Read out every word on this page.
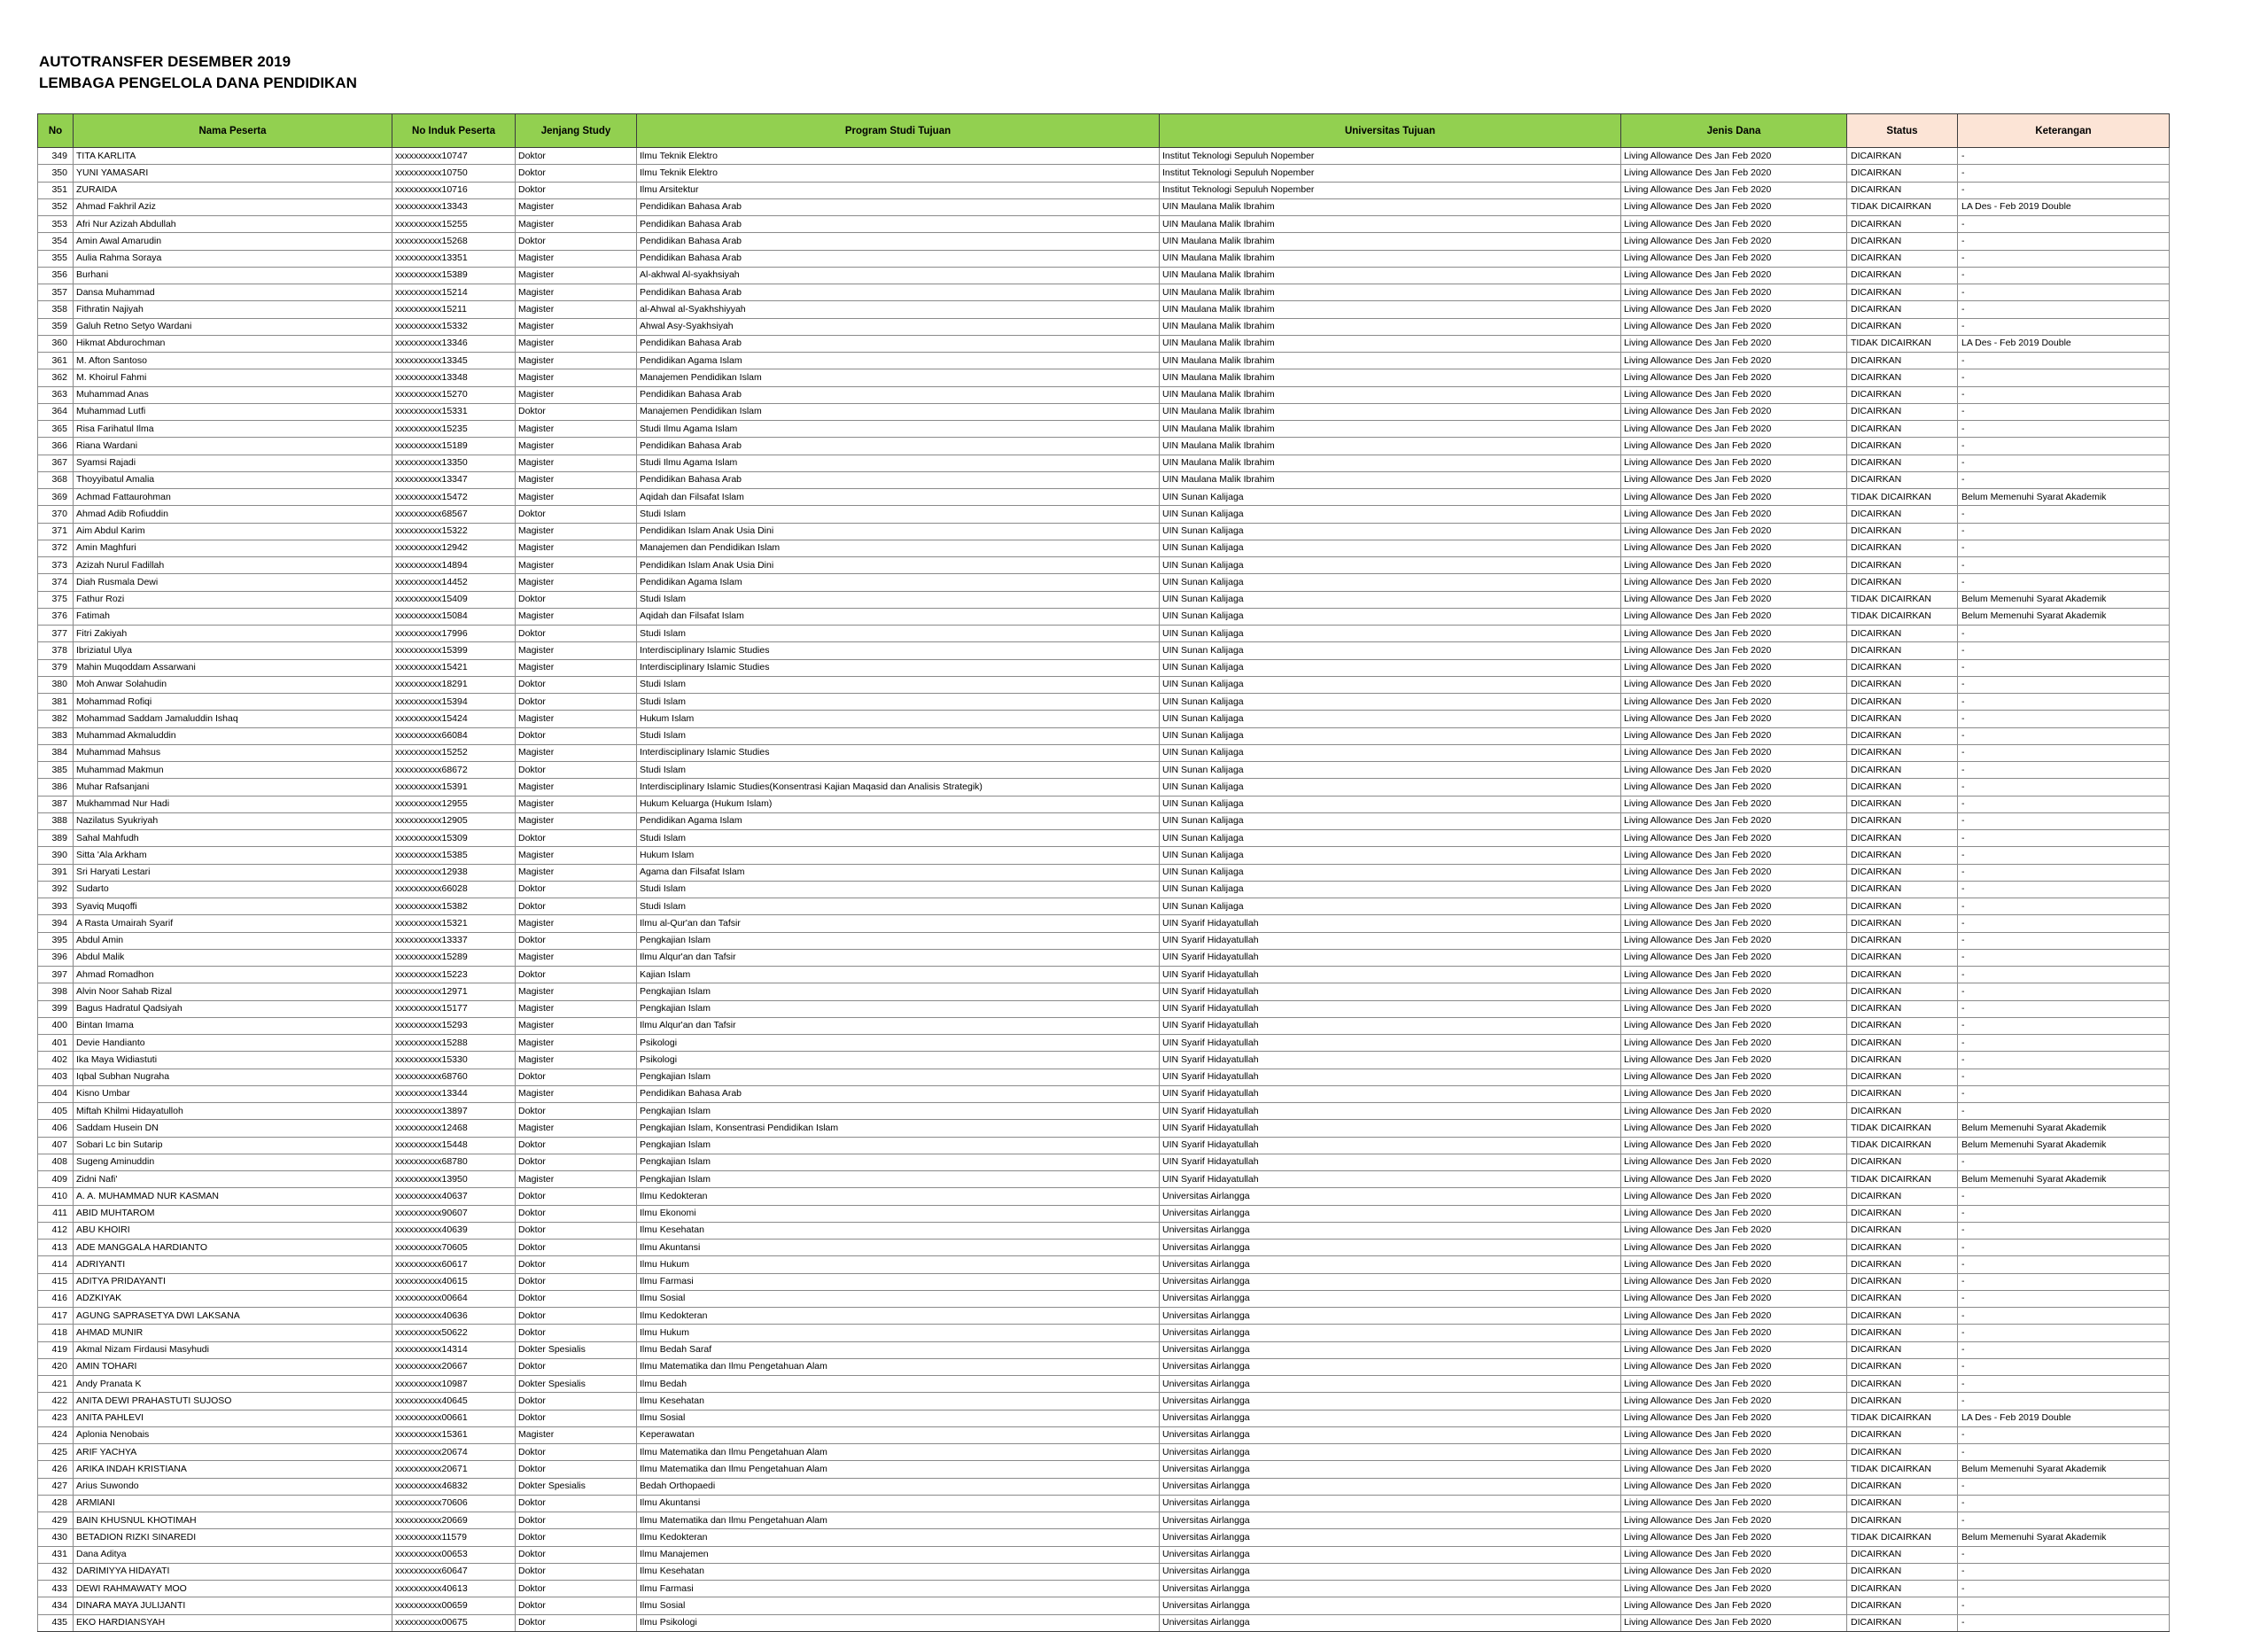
AUTOTRANSFER DESEMBER 2019
LEMBAGA PENGELOLA DANA PENDIDIKAN
No	Nama Peserta	No Induk Peserta	Jenjang Study	Program Studi Tujuan	Universitas Tujuan	Jenis Dana	Status	Keterangan
349	TITA KARLITA	xxxxxxxxxx10747	Doktor	Ilmu Teknik Elektro	Institut Teknologi Sepuluh Nopember	Living Allowance Des Jan Feb 2020	DICAIRKAN	-
350	YUNI YAMASARI	xxxxxxxxxx10750	Doktor	Ilmu Teknik Elektro	Institut Teknologi Sepuluh Nopember	Living Allowance Des Jan Feb 2020	DICAIRKAN	-
351	ZURAIDA	xxxxxxxxxx10716	Doktor	Ilmu Arsitektur	Institut Teknologi Sepuluh Nopember	Living Allowance Des Jan Feb 2020	DICAIRKAN	-
352	Ahmad Fakhril Aziz	xxxxxxxxxx13343	Magister	Pendidikan Bahasa Arab	UIN Maulana Malik Ibrahim	Living Allowance Des Jan Feb 2020	TIDAK DICAIRKAN	LA Des - Feb 2019 Double
353	Afri Nur Azizah Abdullah	xxxxxxxxxx15255	Magister	Pendidikan Bahasa Arab	UIN Maulana Malik Ibrahim	Living Allowance Des Jan Feb 2020	DICAIRKAN	-
354	Amin Awal Amarudin	xxxxxxxxxx15268	Doktor	Pendidikan Bahasa Arab	UIN Maulana Malik Ibrahim	Living Allowance Des Jan Feb 2020	DICAIRKAN	-
355	Aulia Rahma Soraya	xxxxxxxxxx13351	Magister	Pendidikan Bahasa Arab	UIN Maulana Malik Ibrahim	Living Allowance Des Jan Feb 2020	DICAIRKAN	-
356	Burhani	xxxxxxxxxx15389	Magister	Al-akhwal Al-syakhsiyah	UIN Maulana Malik Ibrahim	Living Allowance Des Jan Feb 2020	DICAIRKAN	-
357	Dansa Muhammad	xxxxxxxxxx15214	Magister	Pendidikan Bahasa Arab	UIN Maulana Malik Ibrahim	Living Allowance Des Jan Feb 2020	DICAIRKAN	-
358	Fithratin Najiyah	xxxxxxxxxx15211	Magister	al-Ahwal al-Syakhshiyyah	UIN Maulana Malik Ibrahim	Living Allowance Des Jan Feb 2020	DICAIRKAN	-
359	Galuh Retno Setyo Wardani	xxxxxxxxxx15332	Magister	Ahwal Asy-Syakhsiyah	UIN Maulana Malik Ibrahim	Living Allowance Des Jan Feb 2020	DICAIRKAN	-
360	Hikmat Abdurochman	xxxxxxxxxx13346	Magister	Pendidikan Bahasa Arab	UIN Maulana Malik Ibrahim	Living Allowance Des Jan Feb 2020	TIDAK DICAIRKAN	LA Des - Feb 2019 Double
361	M. Afton Santoso	xxxxxxxxxx13345	Magister	Pendidikan Agama Islam	UIN Maulana Malik Ibrahim	Living Allowance Des Jan Feb 2020	DICAIRKAN	-
362	M. Khoirul Fahmi	xxxxxxxxxx13348	Magister	Manajemen Pendidikan Islam	UIN Maulana Malik Ibrahim	Living Allowance Des Jan Feb 2020	DICAIRKAN	-
363	Muhammad Anas	xxxxxxxxxx15270	Magister	Pendidikan Bahasa Arab	UIN Maulana Malik Ibrahim	Living Allowance Des Jan Feb 2020	DICAIRKAN	-
364	Muhammad Lutfi	xxxxxxxxxx15331	Doktor	Manajemen Pendidikan Islam	UIN Maulana Malik Ibrahim	Living Allowance Des Jan Feb 2020	DICAIRKAN	-
365	Risa Farihatul Ilma	xxxxxxxxxx15235	Magister	Studi Ilmu Agama Islam	UIN Maulana Malik Ibrahim	Living Allowance Des Jan Feb 2020	DICAIRKAN	-
366	Riana Wardani	xxxxxxxxxx15189	Magister	Pendidikan Bahasa Arab	UIN Maulana Malik Ibrahim	Living Allowance Des Jan Feb 2020	DICAIRKAN	-
367	Syamsi Rajadi	xxxxxxxxxx13350	Magister	Studi Ilmu Agama Islam	UIN Maulana Malik Ibrahim	Living Allowance Des Jan Feb 2020	DICAIRKAN	-
368	Thoyyibatul Amalia	xxxxxxxxxx13347	Magister	Pendidikan Bahasa Arab	UIN Maulana Malik Ibrahim	Living Allowance Des Jan Feb 2020	DICAIRKAN	-
369	Achmad Fattaurohman	xxxxxxxxxx15472	Magister	Aqidah dan Filsafat Islam	UIN Sunan Kalijaga	Living Allowance Des Jan Feb 2020	TIDAK DICAIRKAN	Belum Memenuhi Syarat Akademik
370	Ahmad Adib Rofiuddin	xxxxxxxxxx68567	Doktor	Studi Islam	UIN Sunan Kalijaga	Living Allowance Des Jan Feb 2020	DICAIRKAN	-
371	Aim Abdul Karim	xxxxxxxxxx15322	Magister	Pendidikan Islam Anak Usia Dini	UIN Sunan Kalijaga	Living Allowance Des Jan Feb 2020	DICAIRKAN	-
372	Amin Maghfuri	xxxxxxxxxx12942	Magister	Manajemen dan Pendidikan Islam	UIN Sunan Kalijaga	Living Allowance Des Jan Feb 2020	DICAIRKAN	-
373	Azizah Nurul Fadillah	xxxxxxxxxx14894	Magister	Pendidikan Islam Anak Usia Dini	UIN Sunan Kalijaga	Living Allowance Des Jan Feb 2020	DICAIRKAN	-
374	Diah Rusmala Dewi	xxxxxxxxxx14452	Magister	Pendidikan Agama Islam	UIN Sunan Kalijaga	Living Allowance Des Jan Feb 2020	DICAIRKAN	-
375	Fathur Rozi	xxxxxxxxxx15409	Doktor	Studi Islam	UIN Sunan Kalijaga	Living Allowance Des Jan Feb 2020	TIDAK DICAIRKAN	Belum Memenuhi Syarat Akademik
376	Fatimah	xxxxxxxxxx15084	Magister	Aqidah dan Filsafat Islam	UIN Sunan Kalijaga	Living Allowance Des Jan Feb 2020	TIDAK DICAIRKAN	Belum Memenuhi Syarat Akademik
377	Fitri Zakiyah	xxxxxxxxxx17996	Doktor	Studi Islam	UIN Sunan Kalijaga	Living Allowance Des Jan Feb 2020	DICAIRKAN	-
378	Ibriziatul Ulya	xxxxxxxxxx15399	Magister	Interdisciplinary Islamic Studies	UIN Sunan Kalijaga	Living Allowance Des Jan Feb 2020	DICAIRKAN	-
379	Mahin Muqoddam Assarwani	xxxxxxxxxx15421	Magister	Interdisciplinary Islamic Studies	UIN Sunan Kalijaga	Living Allowance Des Jan Feb 2020	DICAIRKAN	-
380	Moh Anwar Solahudin	xxxxxxxxxx18291	Doktor	Studi Islam	UIN Sunan Kalijaga	Living Allowance Des Jan Feb 2020	DICAIRKAN	-
381	Mohammad Rofiqi	xxxxxxxxxx15394	Doktor	Studi Islam	UIN Sunan Kalijaga	Living Allowance Des Jan Feb 2020	DICAIRKAN	-
382	Mohammad Saddam Jamaluddin Ishaq	xxxxxxxxxx15424	Magister	Hukum Islam	UIN Sunan Kalijaga	Living Allowance Des Jan Feb 2020	DICAIRKAN	-
383	Muhammad Akmaluddin	xxxxxxxxxx66084	Doktor	Studi Islam	UIN Sunan Kalijaga	Living Allowance Des Jan Feb 2020	DICAIRKAN	-
384	Muhammad Mahsus	xxxxxxxxxx15252	Magister	Interdisciplinary Islamic Studies	UIN Sunan Kalijaga	Living Allowance Des Jan Feb 2020	DICAIRKAN	-
385	Muhammad Makmun	xxxxxxxxxx68672	Doktor	Studi Islam	UIN Sunan Kalijaga	Living Allowance Des Jan Feb 2020	DICAIRKAN	-
386	Muhar Rafsanjani	xxxxxxxxxx15391	Magister	Interdisciplinary Islamic Studies(Konsentrasi Kajian Maqasid dan Analisis Strategik)	UIN Sunan Kalijaga	Living Allowance Des Jan Feb 2020	DICAIRKAN	-
387	Mukhammad Nur Hadi	xxxxxxxxxx12955	Magister	Hukum Keluarga (Hukum Islam)	UIN Sunan Kalijaga	Living Allowance Des Jan Feb 2020	DICAIRKAN	-
388	Nazilatus Syukriyah	xxxxxxxxxx12905	Magister	Pendidikan Agama Islam	UIN Sunan Kalijaga	Living Allowance Des Jan Feb 2020	DICAIRKAN	-
389	Sahal Mahfudh	xxxxxxxxxx15309	Doktor	Studi Islam	UIN Sunan Kalijaga	Living Allowance Des Jan Feb 2020	DICAIRKAN	-
390	Sitta 'Ala Arkham	xxxxxxxxxx15385	Magister	Hukum Islam	UIN Sunan Kalijaga	Living Allowance Des Jan Feb 2020	DICAIRKAN	-
391	Sri Haryati Lestari	xxxxxxxxxx12938	Magister	Agama dan Filsafat Islam	UIN Sunan Kalijaga	Living Allowance Des Jan Feb 2020	DICAIRKAN	-
392	Sudarto	xxxxxxxxxx66028	Doktor	Studi Islam	UIN Sunan Kalijaga	Living Allowance Des Jan Feb 2020	DICAIRKAN	-
393	Syaviq Muqoffi	xxxxxxxxxx15382	Doktor	Studi Islam	UIN Sunan Kalijaga	Living Allowance Des Jan Feb 2020	DICAIRKAN	-
394	A Rasta Umairah Syarif	xxxxxxxxxx15321	Magister	Ilmu al-Qur'an dan Tafsir	UIN Syarif Hidayatullah	Living Allowance Des Jan Feb 2020	DICAIRKAN	-
395	Abdul Amin	xxxxxxxxxx13337	Doktor	Pengkajian Islam	UIN Syarif Hidayatullah	Living Allowance Des Jan Feb 2020	DICAIRKAN	-
396	Abdul Malik	xxxxxxxxxx15289	Magister	Ilmu Alqur'an dan Tafsir	UIN Syarif Hidayatullah	Living Allowance Des Jan Feb 2020	DICAIRKAN	-
397	Ahmad Romadhon	xxxxxxxxxx15223	Doktor	Kajian Islam	UIN Syarif Hidayatullah	Living Allowance Des Jan Feb 2020	DICAIRKAN	-
398	Alvin Noor Sahab Rizal	xxxxxxxxxx12971	Magister	Pengkajian Islam	UIN Syarif Hidayatullah	Living Allowance Des Jan Feb 2020	DICAIRKAN	-
399	Bagus Hadratul Qadsiyah	xxxxxxxxxx15177	Magister	Pengkajian Islam	UIN Syarif Hidayatullah	Living Allowance Des Jan Feb 2020	DICAIRKAN	-
400	Bintan Imama	xxxxxxxxxx15293	Magister	Ilmu Alqur'an dan Tafsir	UIN Syarif Hidayatullah	Living Allowance Des Jan Feb 2020	DICAIRKAN	-
401	Devie Handianto	xxxxxxxxxx15288	Magister	Psikologi	UIN Syarif Hidayatullah	Living Allowance Des Jan Feb 2020	DICAIRKAN	-
402	Ika Maya Widiastuti	xxxxxxxxxx15330	Magister	Psikologi	UIN Syarif Hidayatullah	Living Allowance Des Jan Feb 2020	DICAIRKAN	-
403	Iqbal Subhan Nugraha	xxxxxxxxxx68760	Doktor	Pengkajian Islam	UIN Syarif Hidayatullah	Living Allowance Des Jan Feb 2020	DICAIRKAN	-
404	Kisno Umbar	xxxxxxxxxx13344	Magister	Pendidikan Bahasa Arab	UIN Syarif Hidayatullah	Living Allowance Des Jan Feb 2020	DICAIRKAN	-
405	Miftah Khilmi Hidayatulloh	xxxxxxxxxx13897	Doktor	Pengkajian Islam	UIN Syarif Hidayatullah	Living Allowance Des Jan Feb 2020	DICAIRKAN	-
406	Saddam Husein DN	xxxxxxxxxx12468	Magister	Pengkajian Islam, Konsentrasi Pendidikan Islam	UIN Syarif Hidayatullah	Living Allowance Des Jan Feb 2020	TIDAK DICAIRKAN	Belum Memenuhi Syarat Akademik
407	Sobari Lc bin Sutarip	xxxxxxxxxx15448	Doktor	Pengkajian Islam	UIN Syarif Hidayatullah	Living Allowance Des Jan Feb 2020	TIDAK DICAIRKAN	Belum Memenuhi Syarat Akademik
408	Sugeng Aminuddin	xxxxxxxxxx68780	Doktor	Pengkajian Islam	UIN Syarif Hidayatullah	Living Allowance Des Jan Feb 2020	DICAIRKAN	-
409	Zidni Nafi'	xxxxxxxxxx13950	Magister	Pengkajian Islam	UIN Syarif Hidayatullah	Living Allowance Des Jan Feb 2020	TIDAK DICAIRKAN	Belum Memenuhi Syarat Akademik
410	A. A. MUHAMMAD NUR KASMAN	xxxxxxxxxx40637	Doktor	Ilmu Kedokteran	Universitas Airlangga	Living Allowance Des Jan Feb 2020	DICAIRKAN	-
411	ABID MUHTAROM	xxxxxxxxxx90607	Doktor	Ilmu Ekonomi	Universitas Airlangga	Living Allowance Des Jan Feb 2020	DICAIRKAN	-
412	ABU KHOIRI	xxxxxxxxxx40639	Doktor	Ilmu Kesehatan	Universitas Airlangga	Living Allowance Des Jan Feb 2020	DICAIRKAN	-
413	ADE MANGGALA HARDIANTO	xxxxxxxxxx70605	Doktor	Ilmu Akuntansi	Universitas Airlangga	Living Allowance Des Jan Feb 2020	DICAIRKAN	-
414	ADRIYANTI	xxxxxxxxxx60617	Doktor	Ilmu Hukum	Universitas Airlangga	Living Allowance Des Jan Feb 2020	DICAIRKAN	-
415	ADITYA PRIDAYANTI	xxxxxxxxxx40615	Doktor	Ilmu Farmasi	Universitas Airlangga	Living Allowance Des Jan Feb 2020	DICAIRKAN	-
416	ADZKIYAK	xxxxxxxxxx00664	Doktor	Ilmu Sosial	Universitas Airlangga	Living Allowance Des Jan Feb 2020	DICAIRKAN	-
417	AGUNG SAPRASETYA DWI LAKSANA	xxxxxxxxxx40636	Doktor	Ilmu Kedokteran	Universitas Airlangga	Living Allowance Des Jan Feb 2020	DICAIRKAN	-
418	AHMAD MUNIR	xxxxxxxxxx50622	Doktor	Ilmu Hukum	Universitas Airlangga	Living Allowance Des Jan Feb 2020	DICAIRKAN	-
419	Akmal Nizam Firdausi Masyhudi	xxxxxxxxxx14314	Dokter Spesialis	Ilmu Bedah Saraf	Universitas Airlangga	Living Allowance Des Jan Feb 2020	DICAIRKAN	-
420	AMIN TOHARI	xxxxxxxxxx20667	Doktor	Ilmu Matematika dan Ilmu Pengetahuan Alam	Universitas Airlangga	Living Allowance Des Jan Feb 2020	DICAIRKAN	-
421	Andy Pranata K	xxxxxxxxxx10987	Dokter Spesialis	Ilmu Bedah	Universitas Airlangga	Living Allowance Des Jan Feb 2020	DICAIRKAN	-
422	ANITA DEWI PRAHASTUTI SUJOSO	xxxxxxxxxx40645	Doktor	Ilmu Kesehatan	Universitas Airlangga	Living Allowance Des Jan Feb 2020	DICAIRKAN	-
423	ANITA PAHLEVI	xxxxxxxxxx00661	Doktor	Ilmu Sosial	Universitas Airlangga	Living Allowance Des Jan Feb 2020	TIDAK DICAIRKAN	LA Des - Feb 2019 Double
424	Aplonia Nenobais	xxxxxxxxxx15361	Magister	Keperawatan	Universitas Airlangga	Living Allowance Des Jan Feb 2020	DICAIRKAN	-
425	ARIF YACHYA	xxxxxxxxxx20674	Doktor	Ilmu Matematika dan Ilmu Pengetahuan Alam	Universitas Airlangga	Living Allowance Des Jan Feb 2020	DICAIRKAN	-
426	ARIKA INDAH KRISTIANA	xxxxxxxxxx20671	Doktor	Ilmu Matematika dan Ilmu Pengetahuan Alam	Universitas Airlangga	Living Allowance Des Jan Feb 2020	TIDAK DICAIRKAN	Belum Memenuhi Syarat Akademik
427	Arius Suwondo	xxxxxxxxxx46832	Dokter Spesialis	Bedah Orthopaedi	Universitas Airlangga	Living Allowance Des Jan Feb 2020	DICAIRKAN	-
428	ARMIANI	xxxxxxxxxx70606	Doktor	Ilmu Akuntansi	Universitas Airlangga	Living Allowance Des Jan Feb 2020	DICAIRKAN	-
429	BAIN KHUSNUL KHOTIMAH	xxxxxxxxxx20669	Doktor	Ilmu Matematika dan Ilmu Pengetahuan Alam	Universitas Airlangga	Living Allowance Des Jan Feb 2020	DICAIRKAN	-
430	BETADION RIZKI SINAREDI	xxxxxxxxxx11579	Doktor	Ilmu Kedokteran	Universitas Airlangga	Living Allowance Des Jan Feb 2020	TIDAK DICAIRKAN	Belum Memenuhi Syarat Akademik
431	Dana Aditya	xxxxxxxxxx00653	Doktor	Ilmu Manajemen	Universitas Airlangga	Living Allowance Des Jan Feb 2020	DICAIRKAN	-
432	DARIMIYYA HIDAYATI	xxxxxxxxxx60647	Doktor	Ilmu Kesehatan	Universitas Airlangga	Living Allowance Des Jan Feb 2020	DICAIRKAN	-
433	DEWI RAHMAWATY MOO	xxxxxxxxxx40613	Doktor	Ilmu Farmasi	Universitas Airlangga	Living Allowance Des Jan Feb 2020	DICAIRKAN	-
434	DINARA MAYA JULIJANTI	xxxxxxxxxx00659	Doktor	Ilmu Sosial	Universitas Airlangga	Living Allowance Des Jan Feb 2020	DICAIRKAN	-
435	EKO HARDIANSYAH	xxxxxxxxxx00675	Doktor	Ilmu Psikologi	Universitas Airlangga	Living Allowance Des Jan Feb 2020	DICAIRKAN	-
